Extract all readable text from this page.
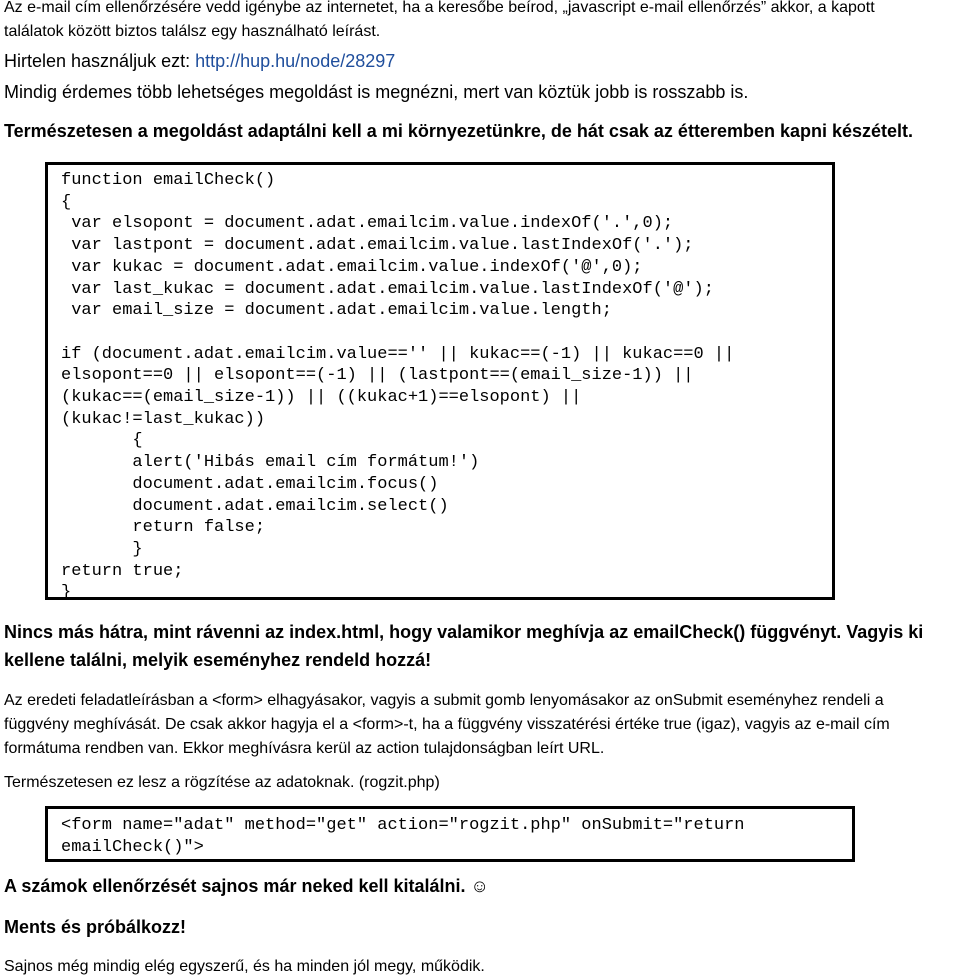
Az e-mail cím ellenőrzésére vedd igénybe az internetet, ha a keresőbe beírod, „javascript e-mail ellenőrzés” akkor, a kapott

találatok között biztos találsz egy használható leírást.

Hirtelen használjuk ezt: http://hup.hu/node/28297

Mindig érdemes több lehetséges megoldást is megnézni, mert van köztük jobb is rosszabb is.

Természetesen a megoldást adaptálni kell a mi környezetünkre, de hát csak az étteremben kapni készételt.

function emailCheck()
{
var elsopont = document.adat.emailcim.value.indexOf('.',0);
var lastpont = document.adat.emailcim.value.lastIndexOf('.');
var kukac = document.adat.emailcim.value.indexOf('@',0);
var last_kukac = document.adat.emailcim.value.lastIndexOf('@');
var email_size = document.adat.emailcim.value.length;

if (document.adat.emailcim.value=='' || kukac==(-1) || kukac==0 ||
elsopont==0 || elsopont==(-1) || (lastpont==(email_size-1)) ||
(kukac==(email_size-1)) || ((kukac+1)==elsopont) ||
(kukac!=last_kukac))
{
alert('Hibás email cím formátum!')
document.adat.emailcim.focus()
document.adat.emailcim.select()
return false;
}
return true;
}

Nincs más hátra, mint rávenni az index.html, hogy valamikor meghívja az emailCheck() függvényt. Vagyis ki

kellene találni, melyik eseményhez rendeld hozzá!

Az eredeti feladatleírásban a <form> elhagyásakor, vagyis a submit gomb lenyomásakor az onSubmit eseményhez rendeli a

függvény meghívását. De csak akkor hagyja el a <form>-t, ha a függvény visszatérési értéke true (igaz), vagyis az e-mail cím

formátuma rendben van. Ekkor meghívásra kerül az action tulajdonságban leírt URL.

Természetesen ez lesz a rögzítése az adatoknak. (rogzit.php)

<form name="adat" method="get" action="rogzit.php" onSubmit="return
emailCheck()">

A számok ellenőrzését sajnos már neked kell kitalálni. ☺

Ments és próbálkozz!

Sajnos még mindig elég egyszerű, és ha minden jól megy, működik.
